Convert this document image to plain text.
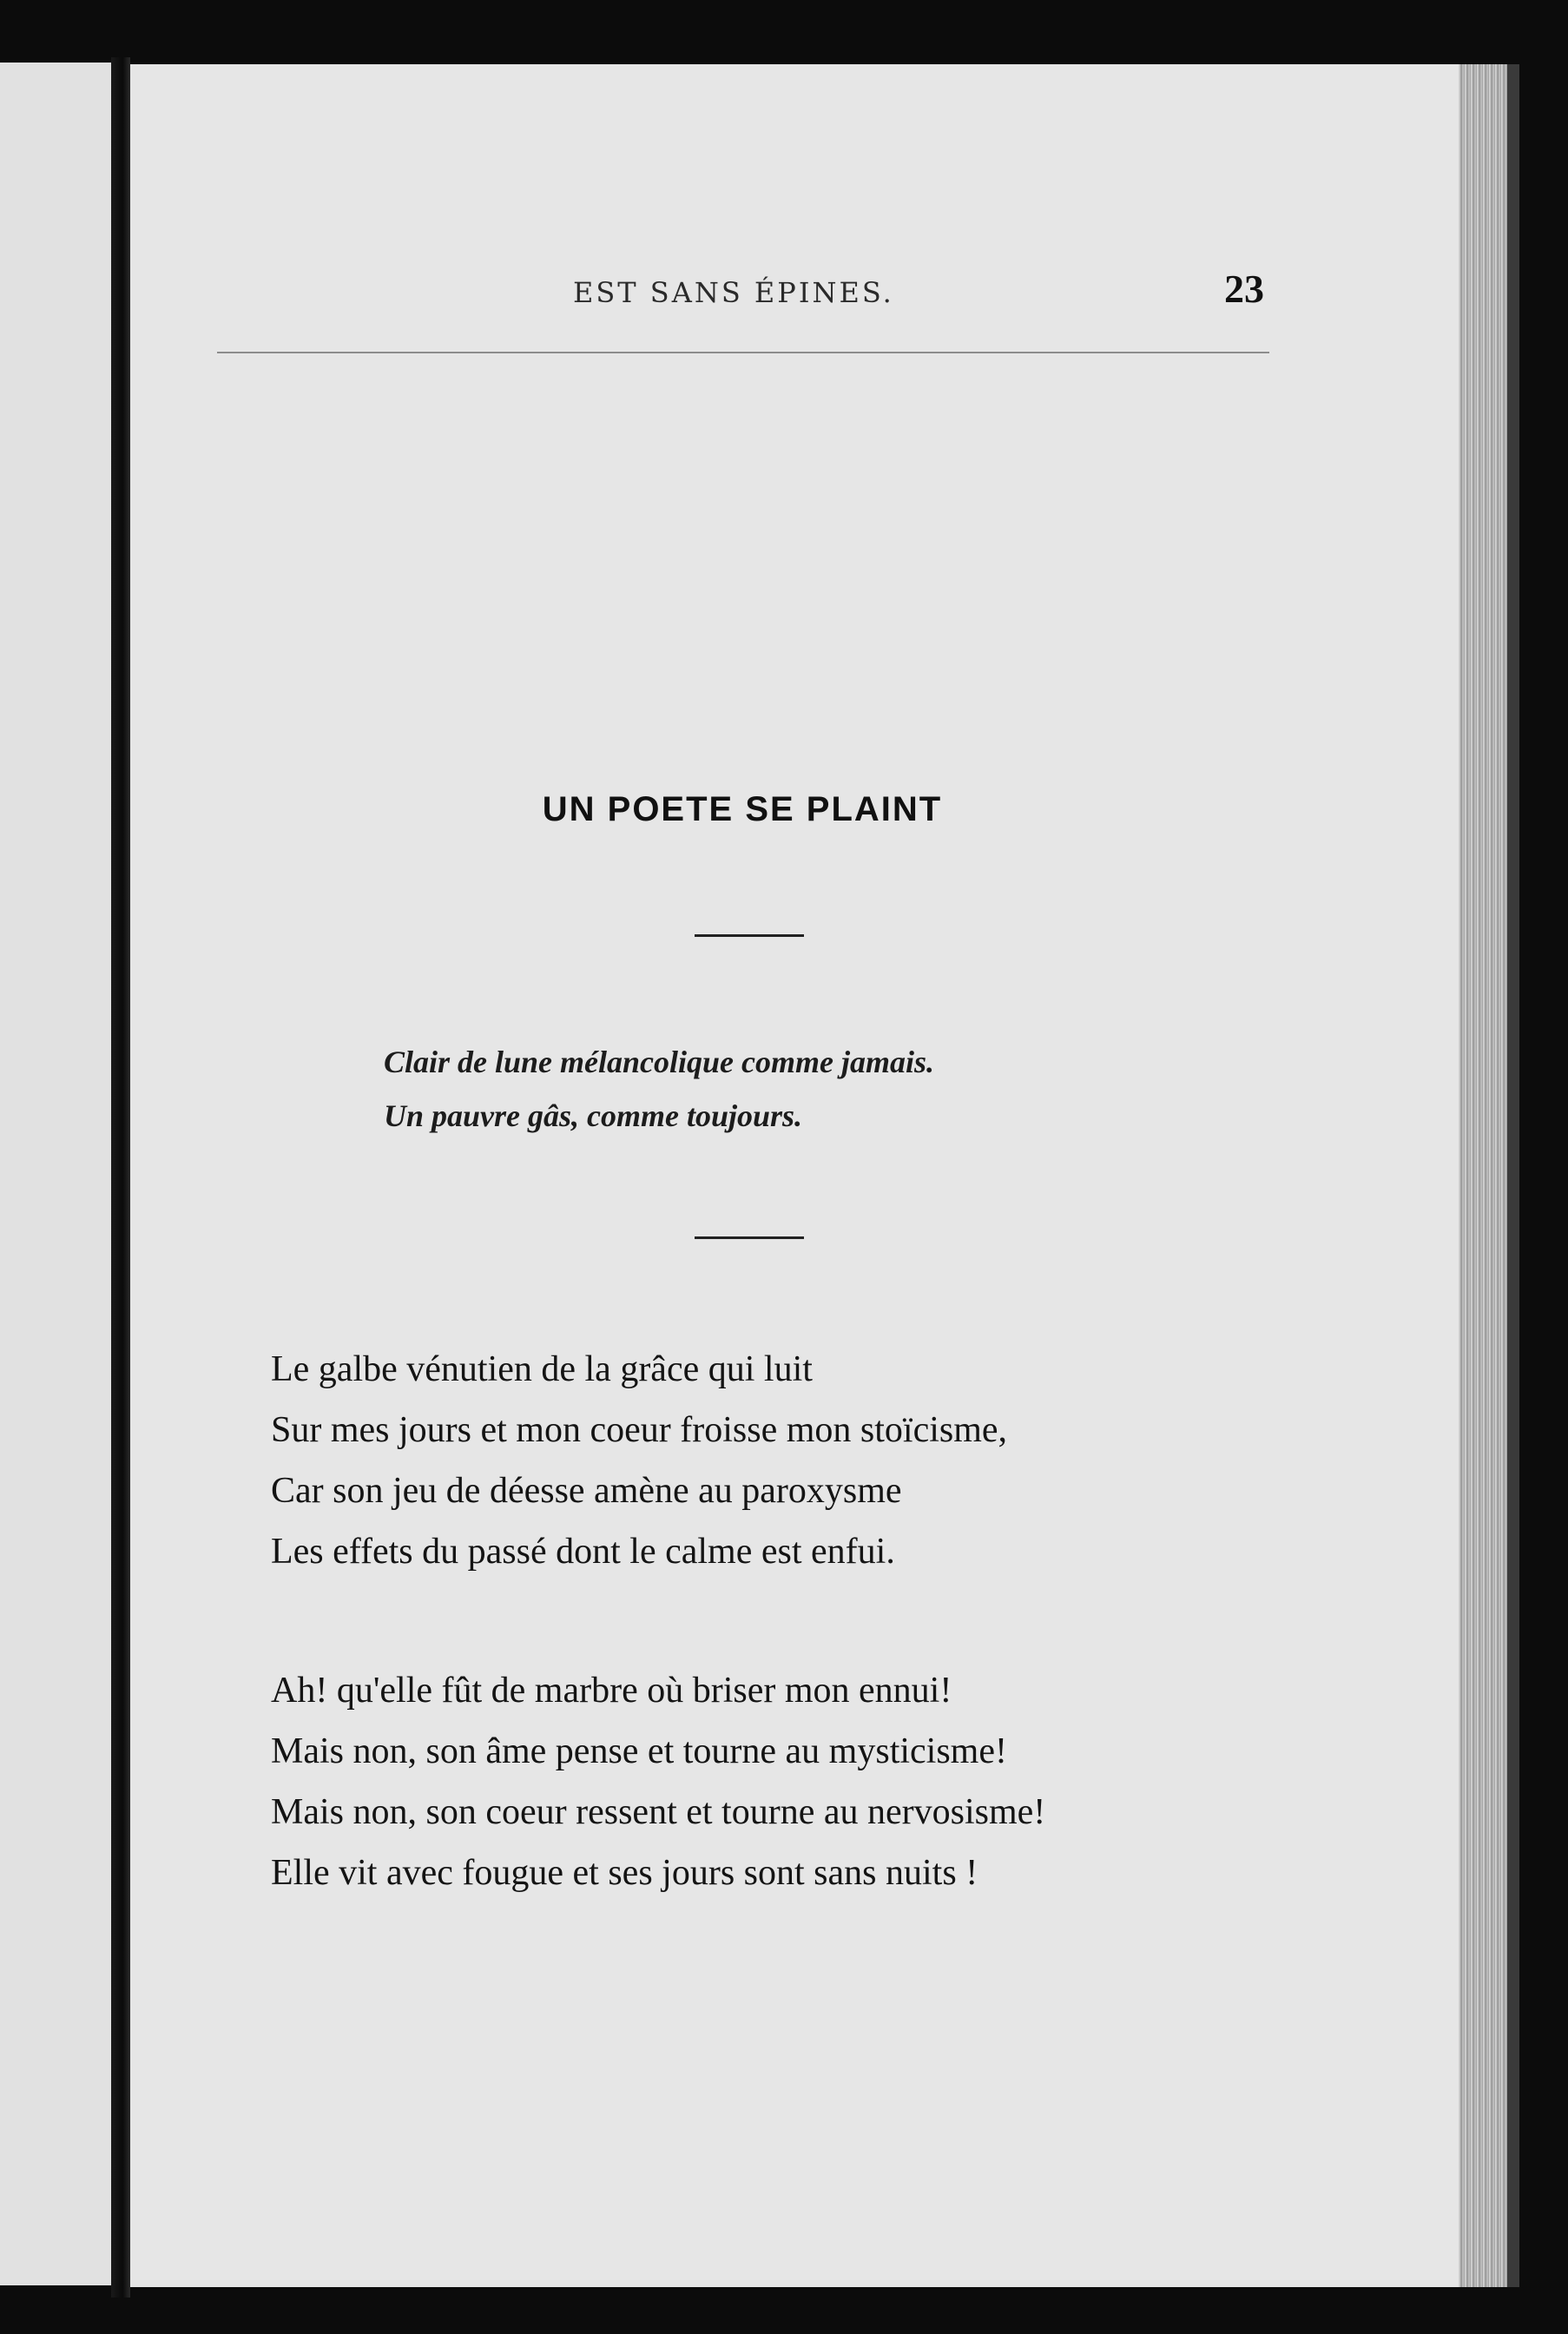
EST SANS ÉPINES.	23
UN POETE SE PLAINT
Clair de lune mélancolique comme jamais.
Un pauvre gâs, comme toujours.
Le galbe vénutien de la grâce qui luit
Sur mes jours et mon coeur froisse mon stoïcisme,
Car son jeu de déesse amène au paroxysme
Les effets du passé dont le calme est enfui.
Ah! qu'elle fût de marbre où briser mon ennui!
Mais non, son âme pense et tourne au mysticisme!
Mais non, son coeur ressent et tourne au nervosisme!
Elle vit avec fougue et ses jours sont sans nuits !
